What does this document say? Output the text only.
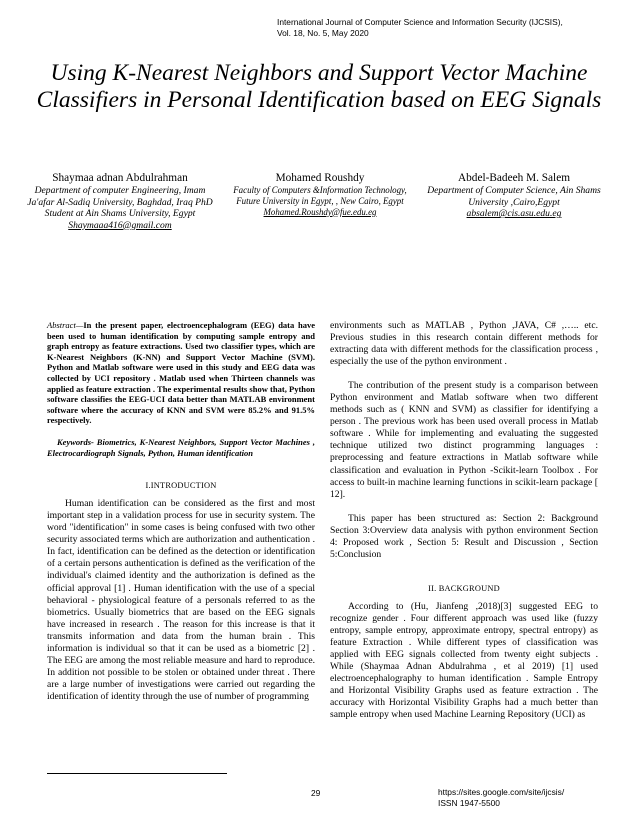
International Journal of Computer Science and Information Security (IJCSIS),
Vol. 18, No. 5, May 2020
Using K-Nearest Neighbors and Support Vector Machine Classifiers in Personal Identification based on EEG Signals
Shaymaa adnan Abdulrahman
Department of computer Engineering, Imam Ja'afar Al-Sadiq University, Baghdad, Iraq PhD Student at Ain Shams University, Egypt
Shaymaaa416@gmail.com
Mohamed Roushdy
Faculty of Computers &Information Technology, Future University in Egypt, , New Cairo, Egypt
Mohamed.Roushdy@fue.edu.eg
Abdel-Badeeh M. Salem
Department of Computer Science, Ain Shams University ,Cairo,Egypt
absalem@cis.asu.edu.eg

Abstract—In the present paper, electroencephalogram (EEG) data have been used to human identification by computing sample entropy and graph entropy as feature extractions. Used two classifier types, which are K-Nearest Neighbors (K-NN) and Support Vector Machine (SVM). Python and Matlab software were used in this study and EEG data was collected by UCI repository . Matlab used when Thirteen channels was applied as feature extraction . The experimental results show that, Python software classifies the EEG-UCI data better than MATLAB environment software where the accuracy of KNN and SVM were 85.2% and 91.5% respectively.

Keywords- Biometrics, K-Nearest Neighbors, Support Vector Machines , Electrocardiograph Signals, Python, Human identification

I.INTRODUCTION

Human identification can be considered as the first and most important step in a validation process for use in security system. The word "identification" in some cases is being confused with two other security associated terms which are authorization and authentication . In fact, identification can be defined as the detection or identification of a certain persons authentication is defined as the verification of the individual's claimed identity and the authorization is defined as the official approval [1] . Human identification with the use of a special behavioral - physiological feature of a personals referred to as the biometrics. Usually biometrics that are based on the EEG signals have increased in research . The reason for this increase is that it transmits information and data from the human brain . This information is individual so that it can be used as a biometric [2] . The EEG are among the most reliable measure and hard to reproduce. In addition not possible to be stolen or obtained under threat . There are a large number of investigations were carried out regarding the identification of identity through the use of number of programming

environments such as MATLAB , Python ,JAVA, C# ,….. etc. Previous studies in this research contain different methods for extracting data with different methods for the classification process , especially the use of the python environment .

The contribution of the present study is a comparison between Python environment and Matlab software when two different methods such as ( KNN and SVM) as classifier for identifying a person . The previous work has been used overall process in Matlab software . While for implementing and evaluating the suggested technique utilized two distinct programming languages : preprocessing and feature extractions in Matlab software while classification and evaluation in Python -Scikit-learn Toolbox . For access to built-in machine learning functions in scikit-learn package [ 12].

This paper has been structured as: Section 2: Background Section 3:Overview data analysis with python environment Section 4: Proposed work , Section 5: Result and Discussion , Section 5:Conclusion

II. BACKGROUND

According to (Hu, Jianfeng ,2018)[3] suggested EEG to recognize gender . Four different approach was used like (fuzzy entropy, sample entropy, approximate entropy, spectral entropy) as feature Extraction . While different types of classification was applied with EEG signals collected from twenty eight subjects . While (Shaymaa Adnan Abdulrahma , et al 2019) [1] used electroencephalography to human identification . Sample Entropy and Horizontal Visibility Graphs used as feature extraction . The accuracy with Horizontal Visibility Graphs had a much better than sample entropy when used Machine Learning Repository (UCI) as

29	https://sites.google.com/site/ijcsis/
ISSN 1947-5500
